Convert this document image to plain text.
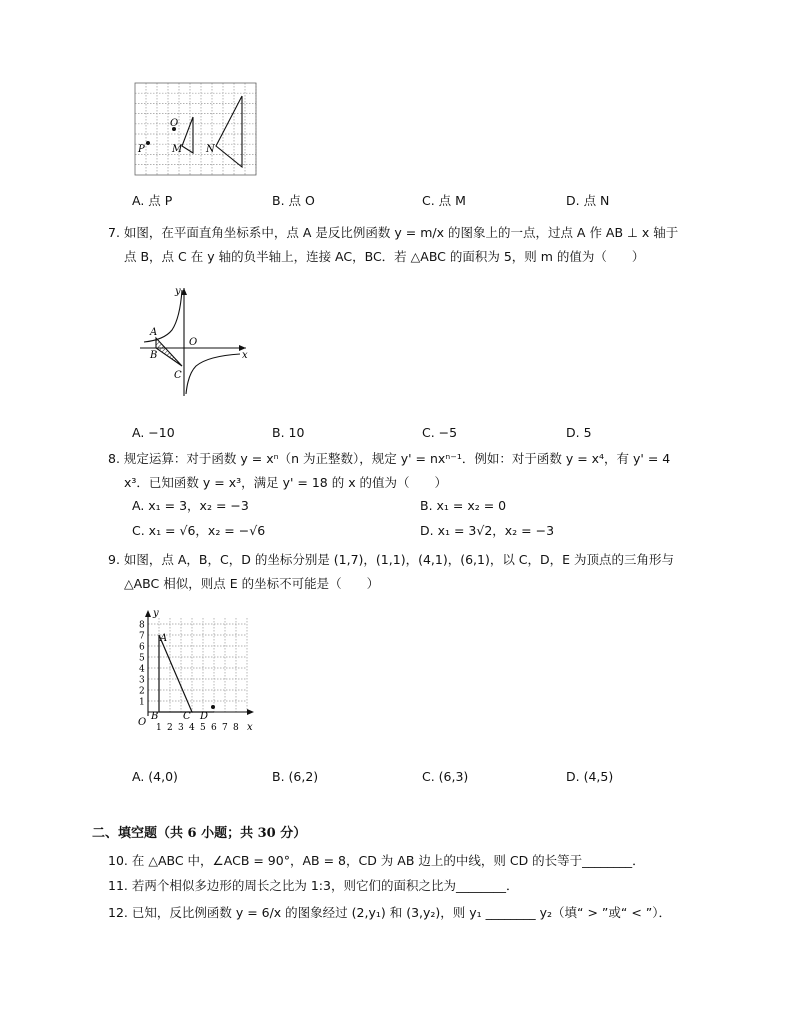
O
P	M N
A. 点 P	B. 点 O	C. 点 M	D. 点 N
7. 如图，在平面直角坐标系中，点 A 是反比例函数 y = m/x 的图象上的一点，过点 A 作 AB ⊥ x 轴于
点 B，点 C 在 y 轴的负半轴上，连接 AC，BC．若 △ABC 的面积为 5，则 m 的值为（　　）
y
x
A
B
O
C
A. −10	B. 10	C. −5	D. 5
8. 规定运算：对于函数 y = xⁿ（n 为正整数），规定 y' = nxⁿ⁻¹．例如：对于函数 y = x⁴，有 y' = 4
x³．已知函数 y = x³，满足 y' = 18 的 x 的值为（　　）
A. x₁ = 3，x₂ = −3	B. x₁ = x₂ = 0
C. x₁ = √6，x₂ = −√6	D. x₁ = 3√2，x₂ = −3
9. 如图，点 A，B，C，D 的坐标分别是 (1,7)，(1,1)，(4,1)，(6,1)，以 C，D，E 为顶点的三角形与
△ABC 相似，则点 E 的坐标不可能是（　　）
1
2
3
4
5
6
7
8
1 2 3 4 5 6 7 8
y
x
O
A
B C D
A. (4,0)	B. (6,2)	C. (6,3)	D. (4,5)
二、填空题（共 6 小题；共 30 分）
10. 在 △ABC 中，∠ACB = 90°，AB = 8，CD 为 AB 边上的中线，则 CD 的长等于________．
11. 若两个相似多边形的周长之比为 1:3，则它们的面积之比为________．
12. 已知，反比例函数 y = 6/x 的图象经过 (2,y₁) 和 (3,y₂)，则 y₁ ________ y₂（填“ > ”或“ < ”）．
